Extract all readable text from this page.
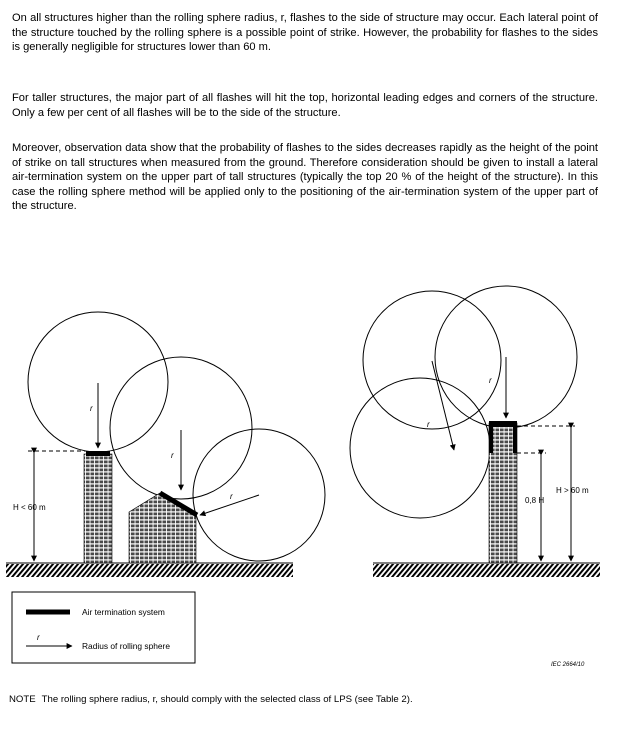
On all structures higher than the rolling sphere radius, r, flashes to the side of structure may occur. Each lateral point of the structure touched by the rolling sphere is a possible point of strike. However, the probability for flashes to the sides is generally negligible for structures lower than 60 m.

For taller structures, the major part of all flashes will hit the top, horizontal leading edges and corners of the structure. Only a few per cent of all flashes will be to the side of the structure.

Moreover, observation data show that the probability of flashes to the sides decreases rapidly as the height of the point of strike on tall structures when measured from the ground. Therefore consideration should be given to install a lateral air-termination system on the upper part of tall structures (typically the top 20 % of the height of the structure). In this case the rolling sphere method will be applied only to the positioning of the air-termination system of the upper part of the structure.

H < 60 m
r
r
r
H > 60 m
0,8 H
r
r
Air termination system
r
Radius of rolling sphere
IEC 2664/10

NOTE The rolling sphere radius, r, should comply with the selected class of LPS (see Table 2).
